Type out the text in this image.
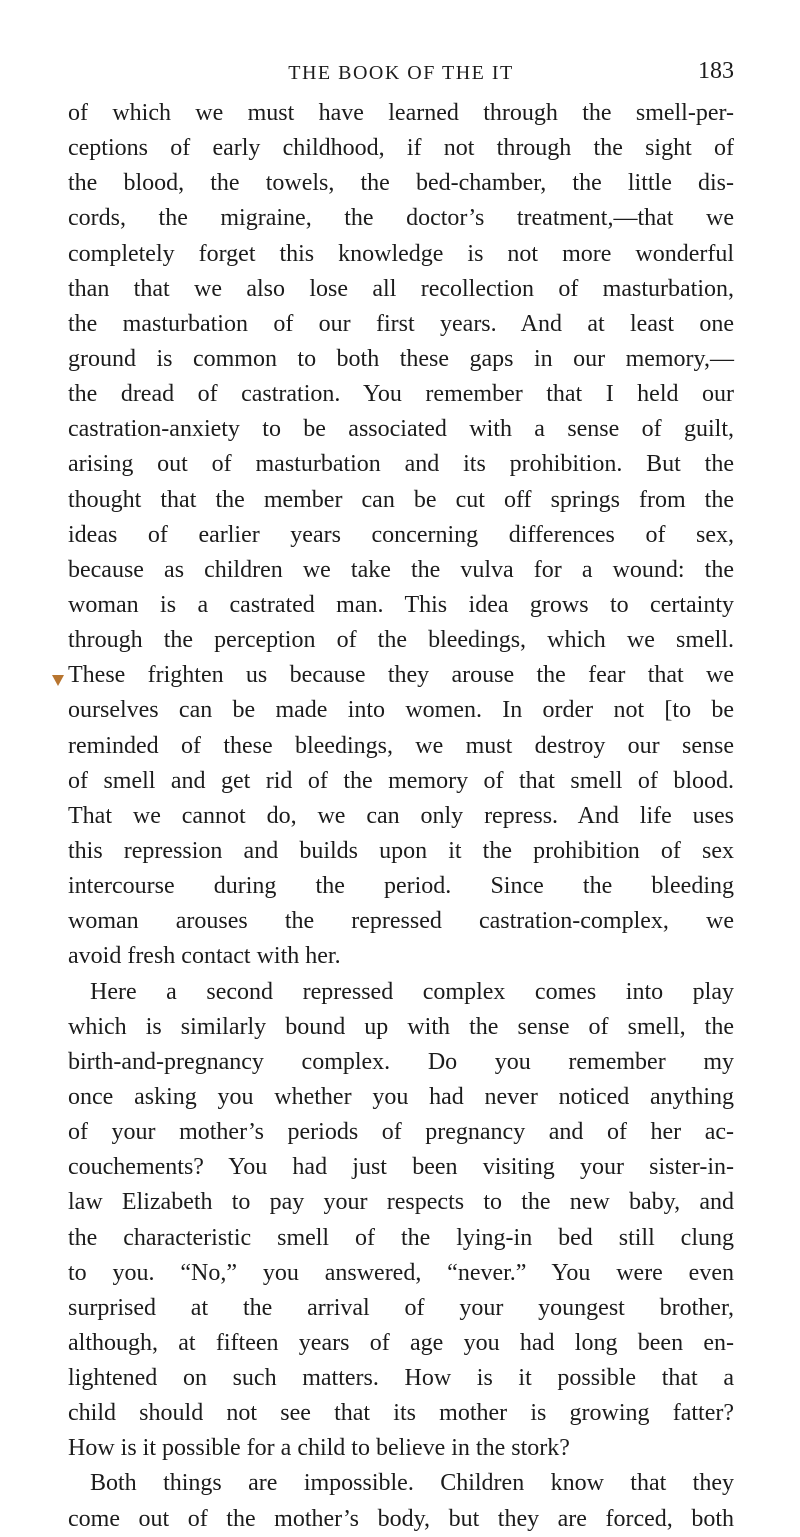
THE BOOK OF THE IT	183
of which we must have learned through the smell-per-
ceptions of early childhood, if not through the sight of
the blood, the towels, the bed-chamber, the little dis-
cords, the migraine, the doctor’s treatment,—that we
completely forget this knowledge is not more wonderful
than that we also lose all recollection of masturbation,
the masturbation of our first years. And at least one
ground is common to both these gaps in our memory,—
the dread of castration. You remember that I held our
castration-anxiety to be associated with a sense of guilt,
arising out of masturbation and its prohibition. But the
thought that the member can be cut off springs from the
ideas of earlier years concerning differences of sex,
because as children we take the vulva for a wound: the
woman is a castrated man. This idea grows to certainty
through the perception of the bleedings, which we smell.
These frighten us because they arouse the fear that we
ourselves can be made into women. In order not [to be
reminded of these bleedings, we must destroy our sense
of smell and get rid of the memory of that smell of blood.
That we cannot do, we can only repress. And life uses
this repression and builds upon it the prohibition of sex
intercourse during the period. Since the bleeding
woman arouses the repressed castration-complex, we
avoid fresh contact with her.
Here a second repressed complex comes into play
which is similarly bound up with the sense of smell, the
birth-and-pregnancy complex. Do you remember my
once asking you whether you had never noticed anything
of your mother’s periods of pregnancy and of her ac-
couchements? You had just been visiting your sister-in-
law Elizabeth to pay your respects to the new baby, and
the characteristic smell of the lying-in bed still clung
to you. “No,” you answered, “never.” You were even
surprised at the arrival of your youngest brother,
although, at fifteen years of age you had long been en-
lightened on such matters. How is it possible that a
child should not see that its mother is growing fatter?
How is it possible for a child to believe in the stork?
Both things are impossible. Children know that they
come out of the mother’s body, but they are forced, both
